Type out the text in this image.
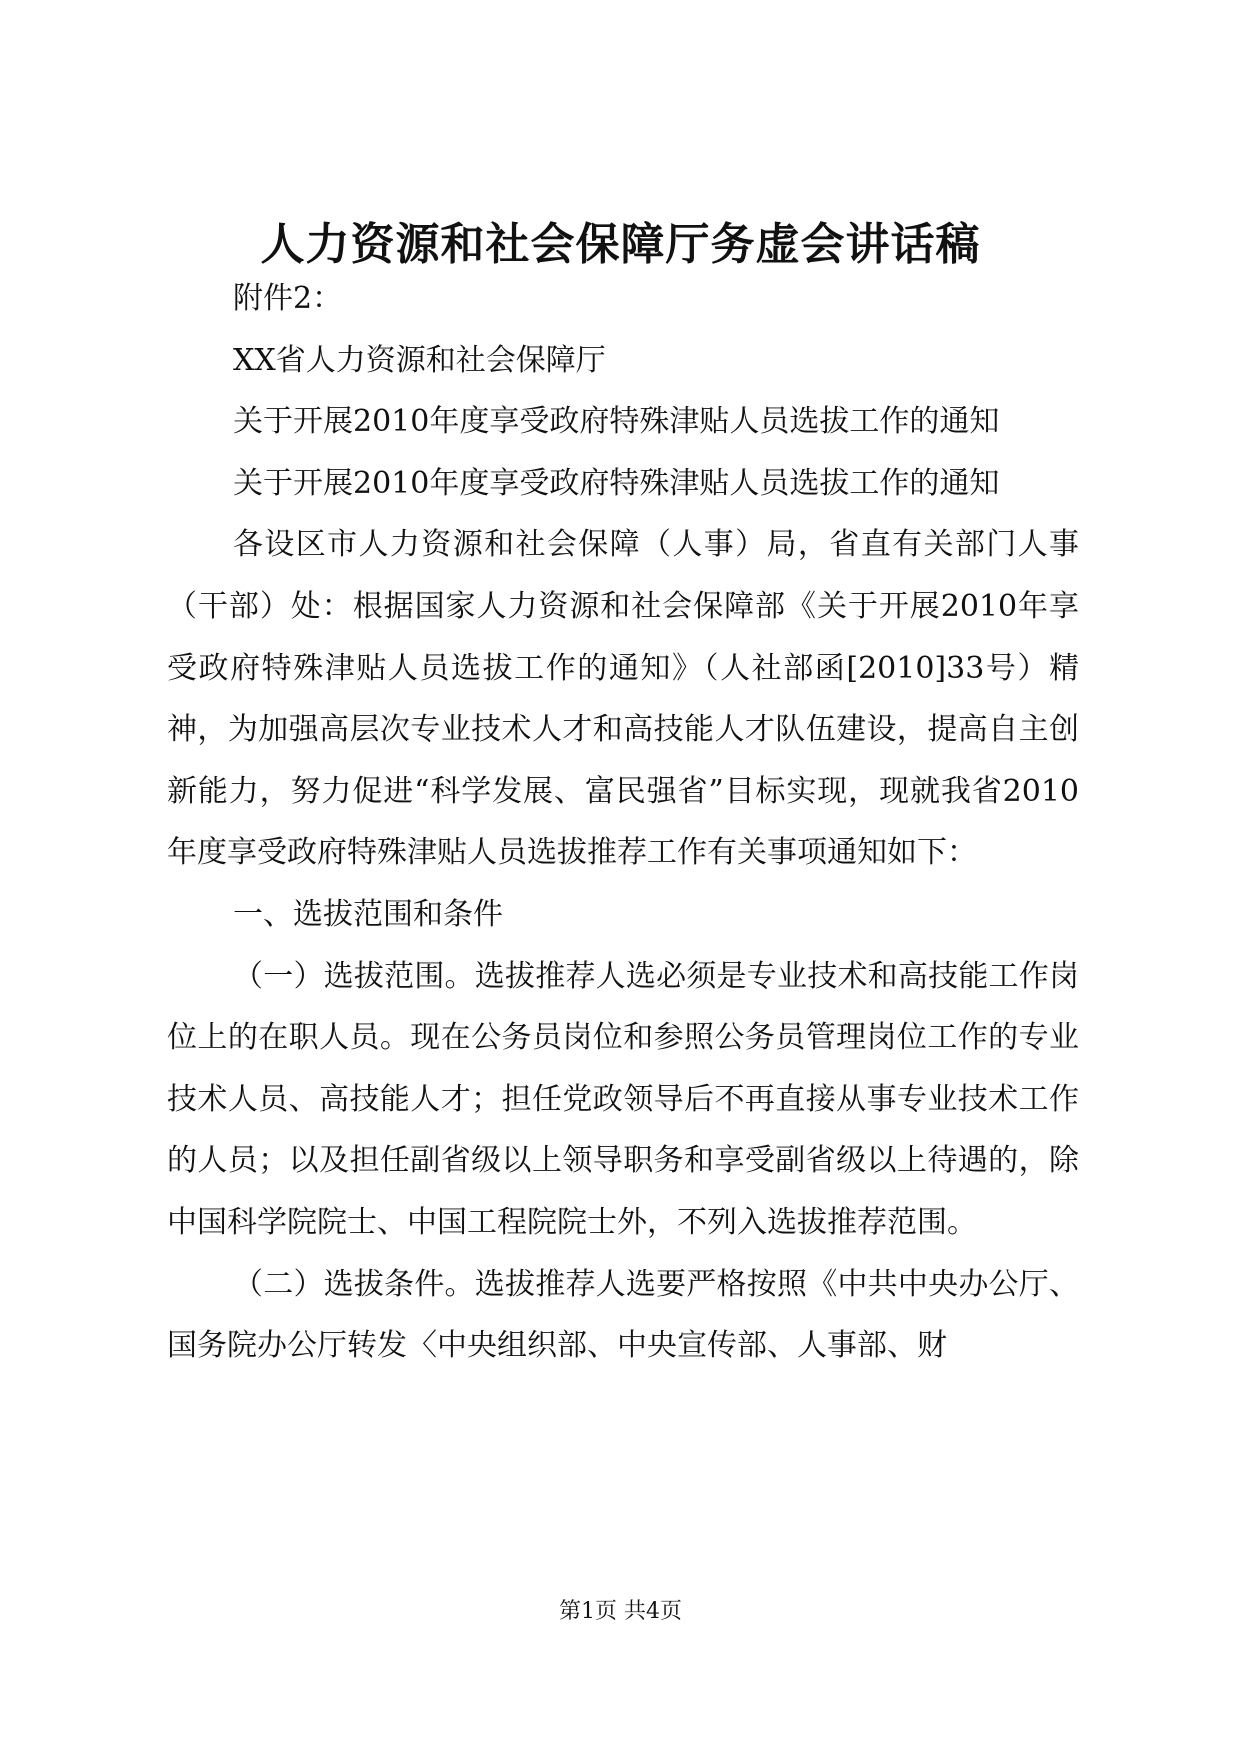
人力资源和社会保障厅务虚会讲话稿

附件2：

XX省人力资源和社会保障厅

关于开展2010年度享受政府特殊津贴人员选拔工作的通知

关于开展2010年度享受政府特殊津贴人员选拔工作的通知

各设区市人力资源和社会保障（人事）局，省直有关部门人事（干部）处：根据国家人力资源和社会保障部《关于开展2010年享受政府特殊津贴人员选拔工作的通知》（人社部函[2010]33号）精神，为加强高层次专业技术人才和高技能人才队伍建设，提高自主创新能力，努力促进“科学发展、富民强省”目标实现，现就我省2010年度享受政府特殊津贴人员选拔推荐工作有关事项通知如下：

一、选拔范围和条件

（一）选拔范围。选拔推荐人选必须是专业技术和高技能工作岗位上的在职人员。现在公务员岗位和参照公务员管理岗位工作的专业技术人员、高技能人才；担任党政领导后不再直接从事专业技术工作的人员；以及担任副省级以上领导职务和享受副省级以上待遇的，除中国科学院院士、中国工程院院士外，不列入选拔推荐范围。

（二）选拔条件。选拔推荐人选要严格按照《中共中央办公厅、国务院办公厅转发〈中央组织部、中央宣传部、人事部、财

第1页 共4页
